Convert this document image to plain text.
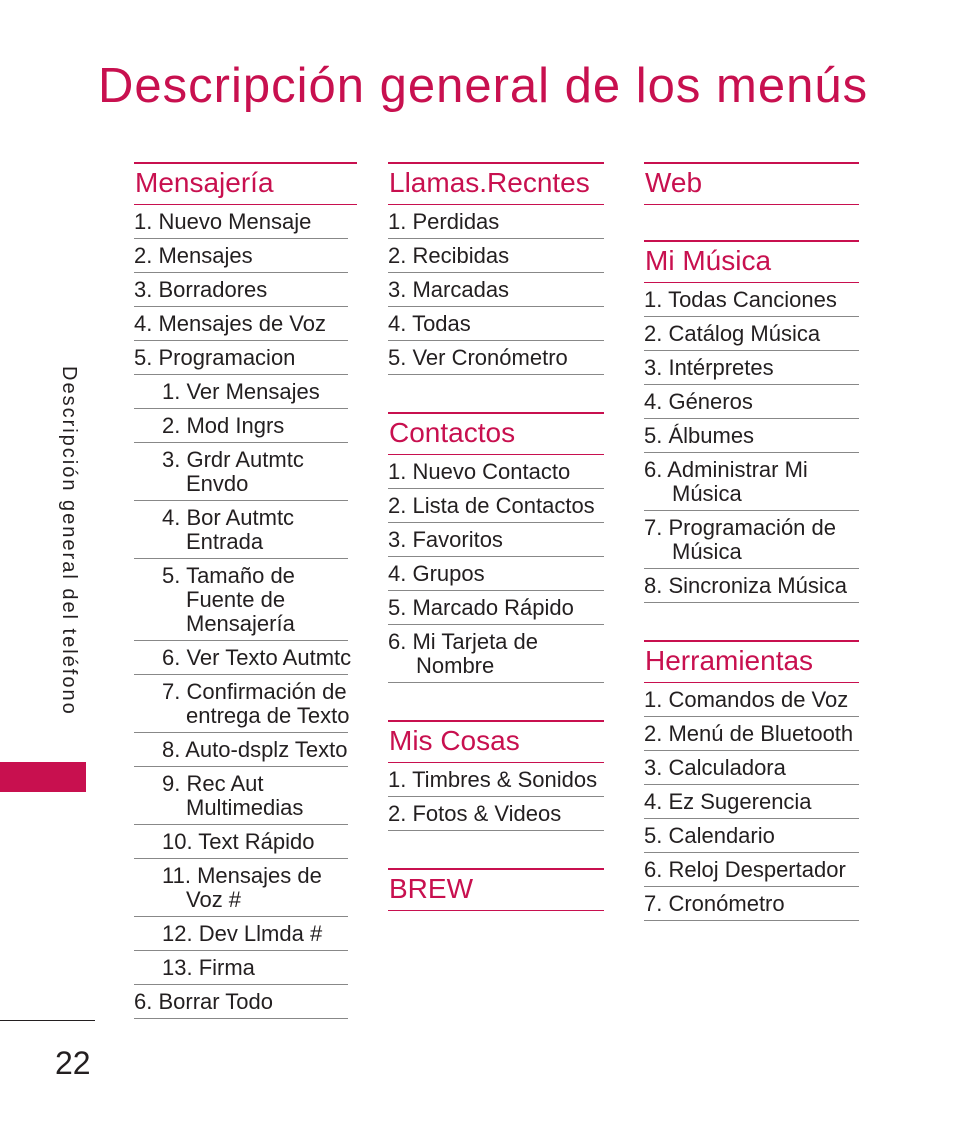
Descripción general de los menús
Descripción general del teléfono
22
Mensajería
1. Nuevo Mensaje
2. Mensajes
3. Borradores
4. Mensajes de Voz
5. Programacion
1. Ver Mensajes
2. Mod Ingrs
3. Grdr Autmtc
Envdo
4. Bor Autmtc
Entrada
5. Tamaño de
Fuente de
Mensajería
6. Ver Texto Autmtc
7. Confirmación de
entrega de Texto
8. Auto-dsplz Texto
9. Rec Aut
Multimedias
10. Text Rápido
11. Mensajes de
Voz #
12. Dev Llmda #
13. Firma
6. Borrar Todo
Llamas.Recntes
1. Perdidas
2. Recibidas
3. Marcadas
4. Todas
5. Ver Cronómetro
Contactos
1. Nuevo Contacto
2. Lista de Contactos
3. Favoritos
4. Grupos
5. Marcado Rápido
6. Mi Tarjeta de
Nombre
Mis Cosas
1. Timbres & Sonidos
2. Fotos & Videos
BREW
Web
Mi Música
1. Todas Canciones
2. Catálog Música
3. Intérpretes
4. Géneros
5. Álbumes
6. Administrar Mi
Música
7. Programación de
Música
8. Sincroniza Música
Herramientas
1. Comandos de Voz
2. Menú de Bluetooth
3. Calculadora
4. Ez Sugerencia
5. Calendario
6. Reloj Despertador
7. Cronómetro
